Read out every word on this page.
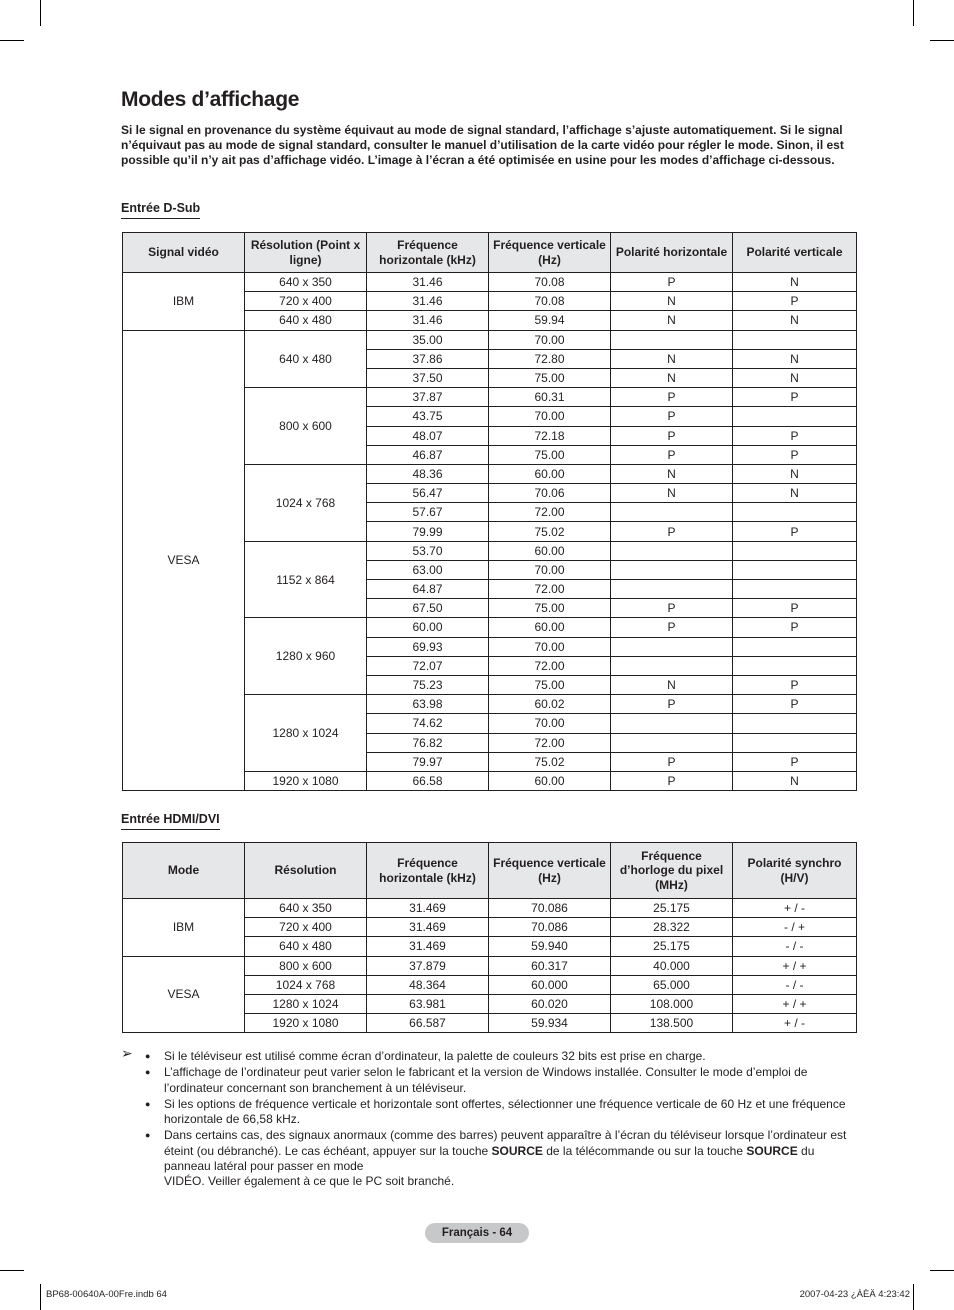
Modes d’affichage

Si le signal en provenance du système équivaut au mode de signal standard, l’affichage s’ajuste automatiquement. Si le signal n’équivaut pas au mode de signal standard, consulter le manuel d’utilisation de la carte vidéo pour régler le mode. Sinon, il est possible qu’il n’y ait pas d’affichage vidéo. L’image à l’écran a été optimisée en usine pour les modes d’affichage ci-dessous.

Entrée D-Sub
Signal vidéo	Résolution (Point x ligne)	Fréquence horizontale (kHz)	Fréquence verticale (Hz)	Polarité horizontale	Polarité verticale
IBM	640 x 350	31.46	70.08	P	N
	720 x 400	31.46	70.08	N	P
	640 x 480	31.46	59.94	N	N
VESA	640 x 480	35.00	70.00		
		37.86	72.80	N	N
		37.50	75.00	N	N
	800 x 600	37.87	60.31	P	P
		43.75	70.00	P	
		48.07	72.18	P	P
		46.87	75.00	P	P
	1024 x 768	48.36	60.00	N	N
		56.47	70.06	N	N
		57.67	72.00		
		79.99	75.02	P	P
	1152 x 864	53.70	60.00		
		63.00	70.00		
		64.87	72.00		
		67.50	75.00	P	P
	1280 x 960	60.00	60.00	P	P
		69.93	70.00		
		72.07	72.00		
		75.23	75.00	N	P
	1280 x 1024	63.98	60.02	P	P
		74.62	70.00		
		76.82	72.00		
		79.97	75.02	P	P
	1920 x 1080	66.58	60.00	P	N
Entrée HDMI/DVI
Mode	Résolution	Fréquence horizontale (kHz)	Fréquence verticale (Hz)	Fréquence d’horloge du pixel (MHz)	Polarité synchro (H/V)
IBM	640 x 350	31.469	70.086	25.175	+ / -
	720 x 400	31.469	70.086	28.322	- / +
	640 x 480	31.469	59.940	25.175	- / -
VESA	800 x 600	37.879	60.317	40.000	+ / +
	1024 x 768	48.364	60.000	65.000	- / -
	1280 x 1024	63.981	60.020	108.000	+ / +
	1920 x 1080	66.587	59.934	138.500	+ / -
➢ ● Si le téléviseur est utilisé comme écran d’ordinateur, la palette de couleurs 32 bits est prise en charge.
● L’affichage de l’ordinateur peut varier selon le fabricant et la version de Windows installée. Consulter le mode d’emploi de l’ordinateur concernant son branchement à un téléviseur.
● Si les options de fréquence verticale et horizontale sont offertes, sélectionner une fréquence verticale de 60 Hz et une fréquence horizontale de 66,58 kHz.
● Dans certains cas, des signaux anormaux (comme des barres) peuvent apparaître à l’écran du téléviseur lorsque l’ordinateur est éteint (ou débranché). Le cas échéant, appuyer sur la touche SOURCE de la télécommande ou sur la touche SOURCE du panneau latéral pour passer en mode
VIDÉO. Veiller également à ce que le PC soit branché.
Français - 64
BP68-00640A-00Fre.indb 64	2007-04-23 ¿ÀÈÄ 4:23:42
